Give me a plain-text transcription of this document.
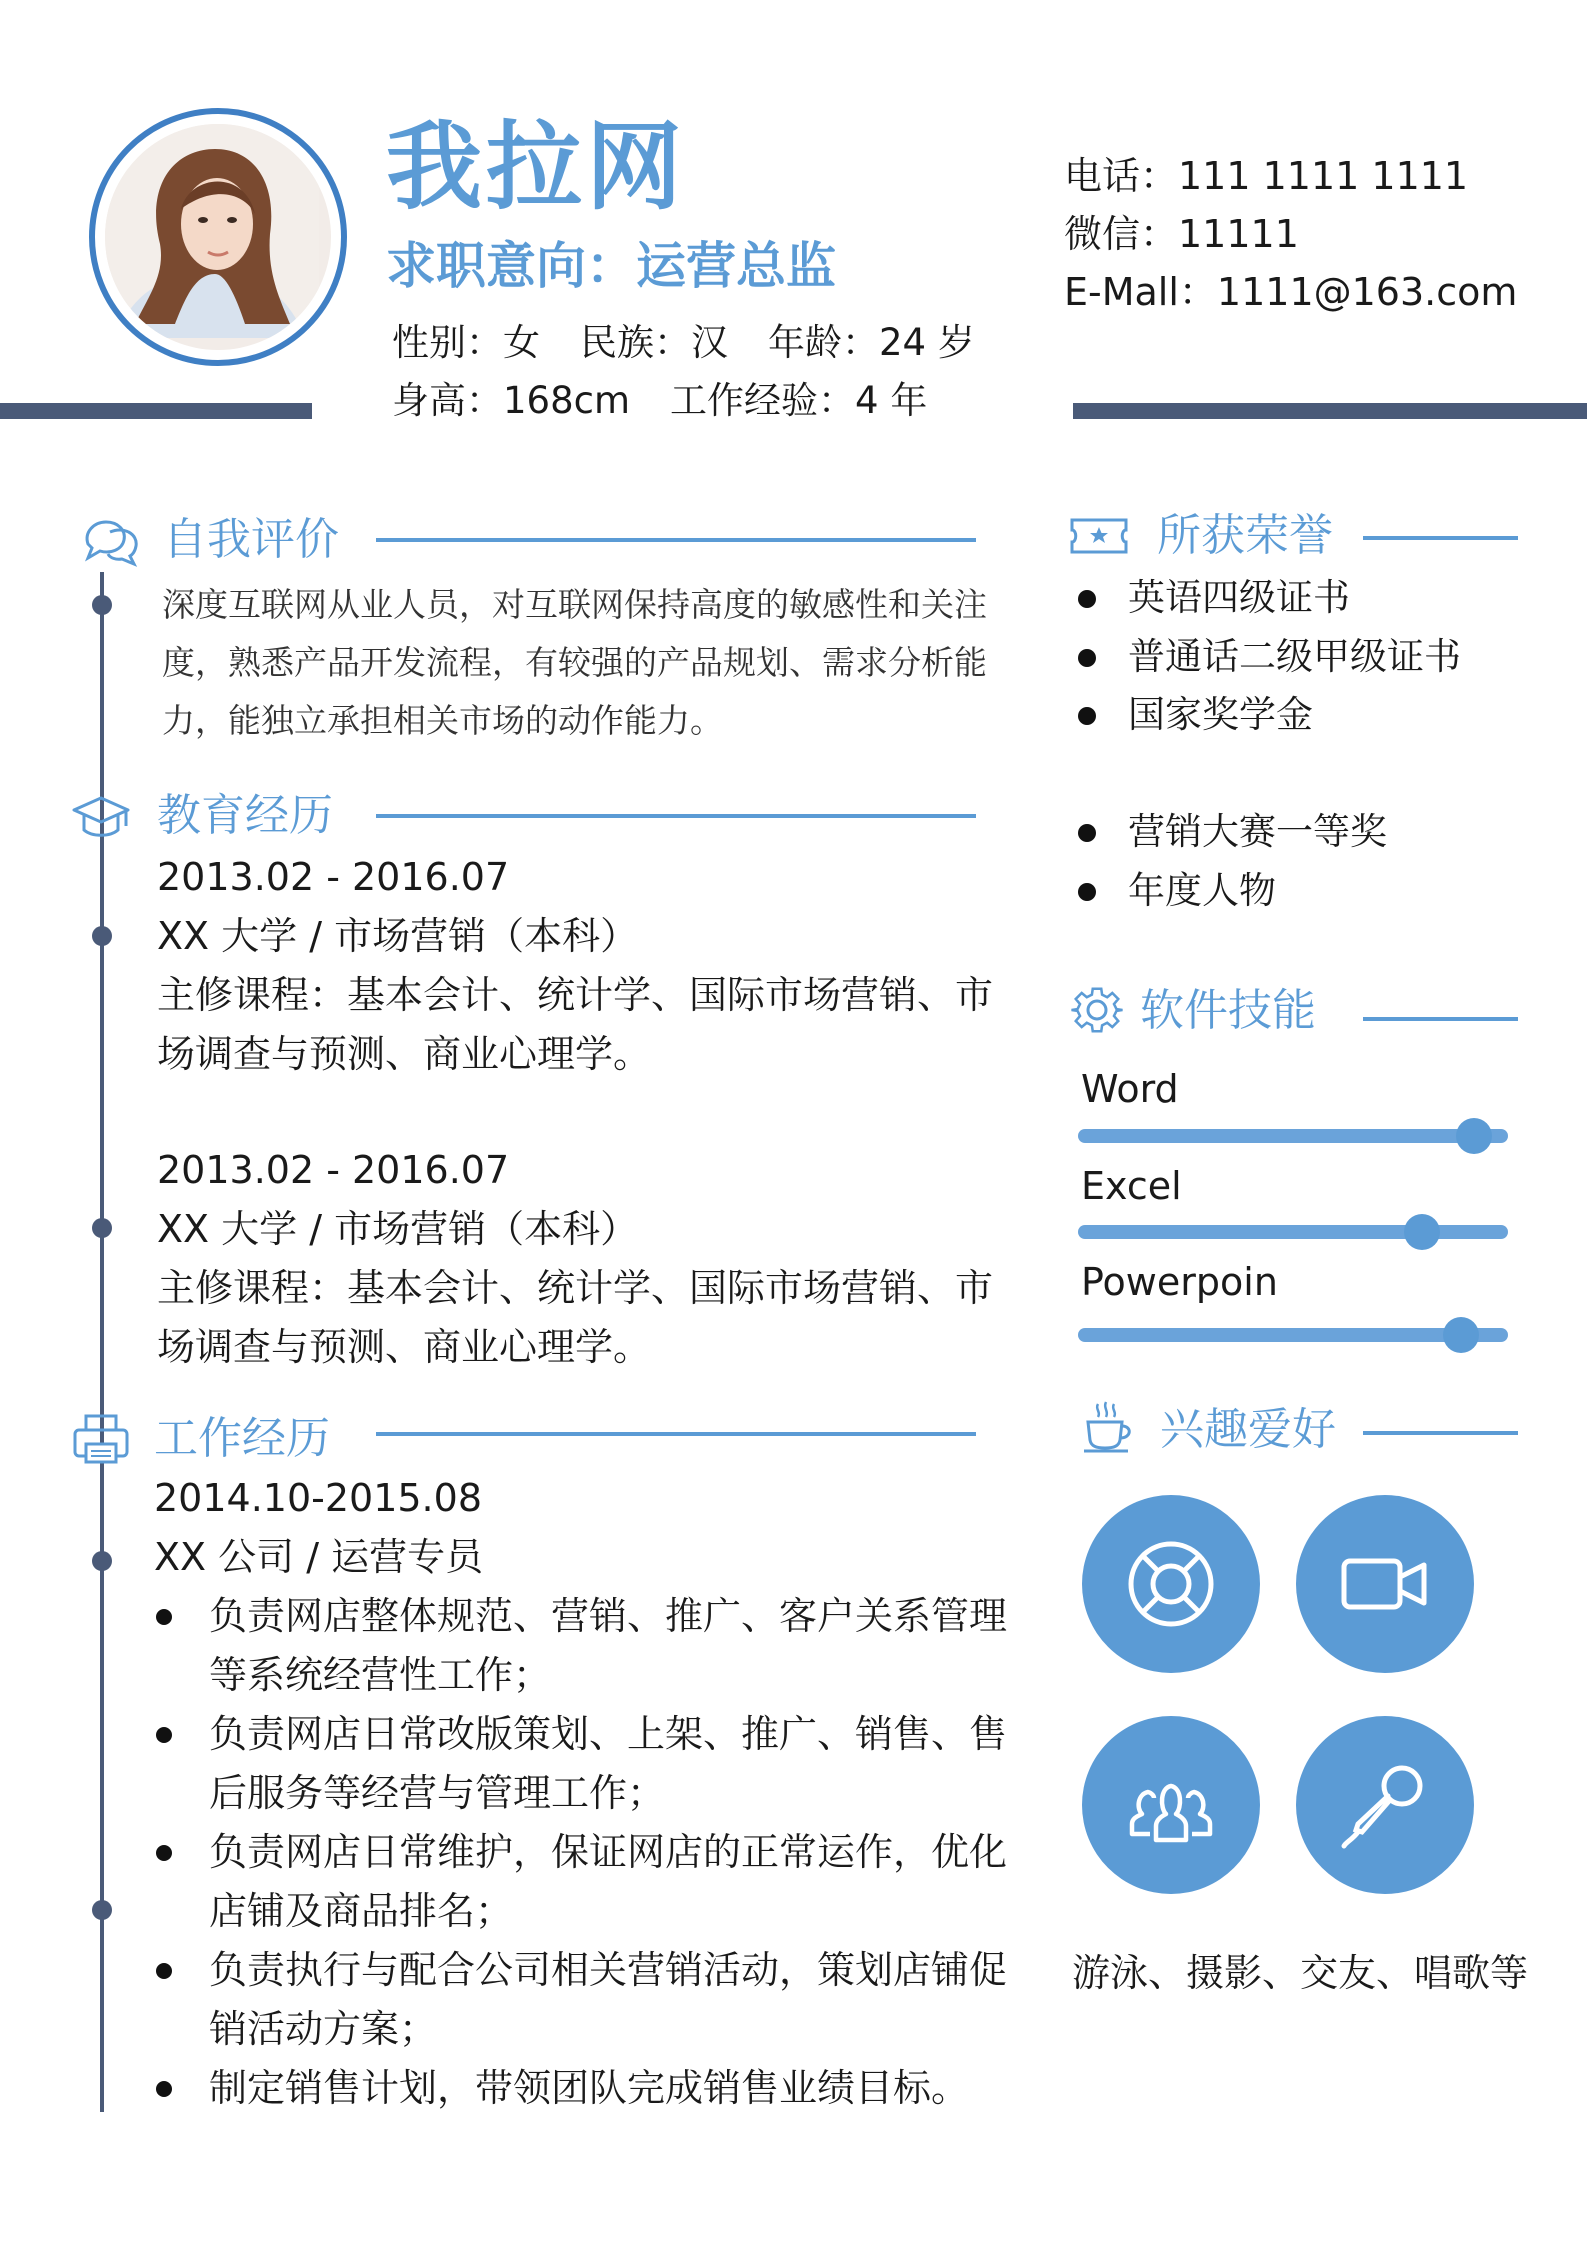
我拉网
求职意向：运营总监
性别：女 民族：汉 年龄：24 岁
身高：168cm 工作经验：4 年
电话：111 1111 1111
微信：11111
E-Mall：1111@163.com
自我评价
深度互联网从业人员，对互联网保持高度的敏感性和关注
度，熟悉产品开发流程，有较强的产品规划、需求分析能
力，能独立承担相关市场的动作能力。
教育经历
2013.02 - 2016.07
XX 大学 / 市场营销（本科）
主修课程：基本会计、统计学、国际市场营销、市
场调查与预测、商业心理学。
2013.02 - 2016.07
XX 大学 / 市场营销（本科）
主修课程：基本会计、统计学、国际市场营销、市
场调查与预测、商业心理学。
工作经历
2014.10-2015.08
XX 公司 / 运营专员
负责网店整体规范、营销、推广、客户关系管理等系统经营性工作；
负责网店日常改版策划、上架、推广、销售、售后服务等经营与管理工作；
负责网店日常维护，保证网店的正常运作，优化店铺及商品排名；
负责执行与配合公司相关营销活动，策划店铺促销活动方案；
制定销售计划，带领团队完成销售业绩目标。
所获荣誉
英语四级证书
普通话二级甲级证书
国家奖学金
营销大赛一等奖
年度人物
软件技能
Word
Excel
Powerpoin
兴趣爱好
游泳、摄影、交友、唱歌等
